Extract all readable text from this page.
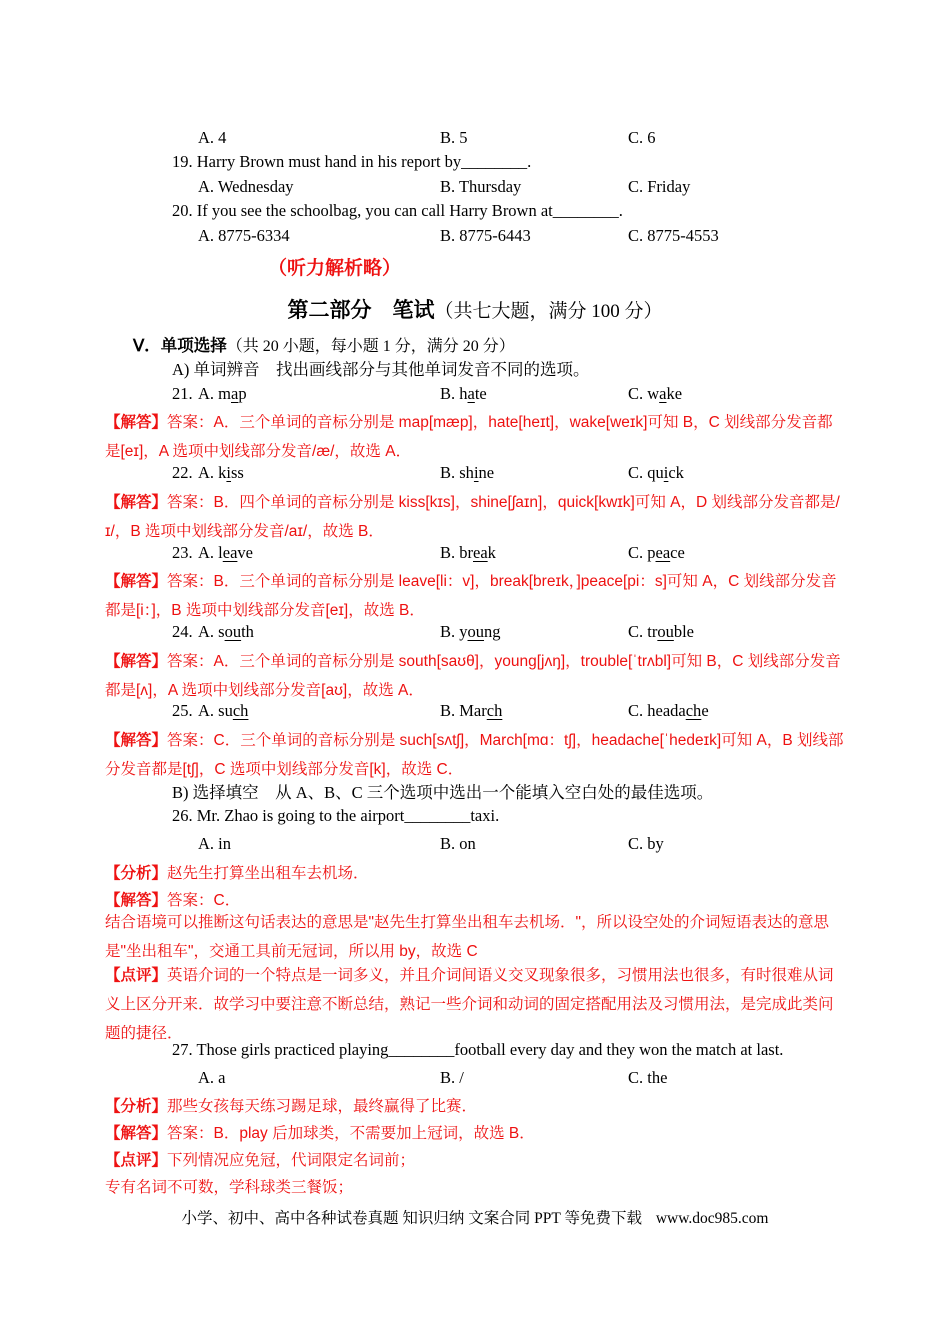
A. 4	B. 5	C. 6
19. Harry Brown must hand in his report by________.
A. Wednesday	B. Thursday	C. Friday
20. If you see the schoolbag, you can call Harry Brown at________.
A. 8775-6334	B. 8775-6443	C. 8775-4553
（听力解析略）
第二部分　笔试（共七大题，满分 100 分）
Ⅴ．单项选择（共 20 小题，每小题 1 分，满分 20 分）
A) 单词辨音　找出画线部分与其他单词发音不同的选项。
21. A. map	B. hate	C. wake
【解答】答案：A．三个单词的音标分别是 map[mæp]，hate[heɪt]，wake[weɪk]可知 B，C 划线部分发音都是[eɪ]，A 选项中划线部分发音/æ/，故选 A．
22. A. kiss	B. shine	C. quick
【解答】答案：B．四个单词的音标分别是 kiss[kɪs]，shine[ʃaɪn]，quick[kwɪk]可知 A，D 划线部分发音都是/ɪ/，B 选项中划线部分发音/aɪ/，故选 B．
23. A. leave	B. break	C. peace
【解答】答案：B．三个单词的音标分别是 leave[li：v]，break[breɪk，]peace[pi：s]可知 A，C 划线部分发音都是[i：]，B 选项中划线部分发音[eɪ]，故选 B．
24. A. south	B. young	C. trouble
【解答】答案：A．三个单词的音标分别是 south[saʊθ]，young[jʌŋ]，trouble[ˈtrʌbl]可知 B，C 划线部分发音都是[ʌ]，A 选项中划线部分发音[aʊ]，故选 A．
25. A. such	B. March	C. headache
【解答】答案：C．三个单词的音标分别是 such[sʌtʃ]，March[mɑ：tʃ]，headache[ˈhedeɪk]可知 A，B 划线部分发音都是[tʃ]，C 选项中划线部分发音[k]，故选 C．
B) 选择填空　从 A、B、C 三个选项中选出一个能填入空白处的最佳选项。
26. Mr. Zhao is going to the airport________taxi.
A. in	B. on	C. by
【分析】赵先生打算坐出租车去机场．
【解答】答案：C．
结合语境可以推断这句话表达的意思是"赵先生打算坐出租车去机场．"，所以设空处的介词短语表达的意思是"坐出租车"，交通工具前无冠词，所以用 by，故选 C
【点评】英语介词的一个特点是一词多义，并且介词间语义交叉现象很多，习惯用法也很多，有时很难从词义上区分开来．故学习中要注意不断总结，熟记一些介词和动词的固定搭配用法及习惯用法，是完成此类问题的捷径．
27. Those girls practiced playing________football every day and they won the match at last.
A. a	B. /	C. the
【分析】那些女孩每天练习踢足球，最终赢得了比赛．
【解答】答案：B．play 后加球类，不需要加上冠词，故选 B．
【点评】下列情况应免冠，代词限定名词前；
专有名词不可数，学科球类三餐饭；
小学、初中、高中各种试卷真题 知识归纳 文案合同 PPT 等免费下载 www.doc985.com
